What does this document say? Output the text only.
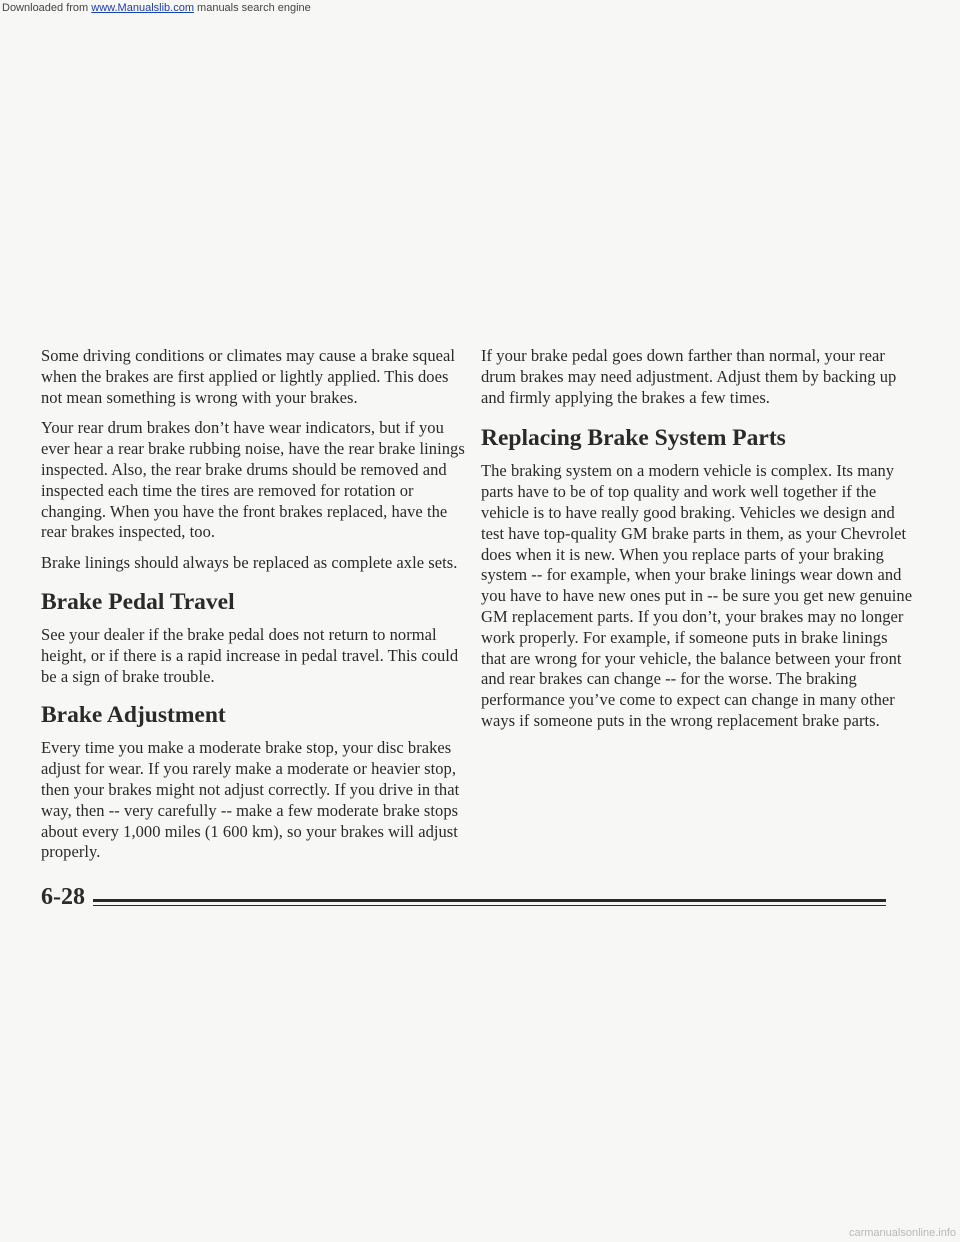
Downloaded from www.Manualslib.com manuals search engine

Some driving conditions or climates may cause a brake squeal when the brakes are first applied or lightly applied. This does not mean something is wrong with your brakes.

Your rear drum brakes don’t have wear indicators, but if you ever hear a rear brake rubbing noise, have the rear brake linings inspected. Also, the rear brake drums should be removed and inspected each time the tires are removed for rotation or changing. When you have the front brakes replaced, have the rear brakes inspected, too.

Brake linings should always be replaced as complete axle sets.

Brake Pedal Travel

See your dealer if the brake pedal does not return to normal height, or if there is a rapid increase in pedal travel. This could be a sign of brake trouble.

Brake Adjustment

Every time you make a moderate brake stop, your disc brakes adjust for wear. If you rarely make a moderate or heavier stop, then your brakes might not adjust correctly. If you drive in that way, then -- very carefully -- make a few moderate brake stops about every 1,000 miles (1 600 km), so your brakes will adjust properly.

If your brake pedal goes down farther than normal, your rear drum brakes may need adjustment. Adjust them by backing up and firmly applying the brakes a few times.

Replacing Brake System Parts

The braking system on a modern vehicle is complex. Its many parts have to be of top quality and work well together if the vehicle is to have really good braking. Vehicles we design and test have top-quality GM brake parts in them, as your Chevrolet does when it is new. When you replace parts of your braking system -- for example, when your brake linings wear down and you have to have new ones put in -- be sure you get new genuine GM replacement parts. If you don’t, your brakes may no longer work properly. For example, if someone puts in brake linings that are wrong for your vehicle, the balance between your front and rear brakes can change -- for the worse. The braking performance you’ve come to expect can change in many other ways if someone puts in the wrong replacement brake parts.

6-28
carmanualsonline.info
